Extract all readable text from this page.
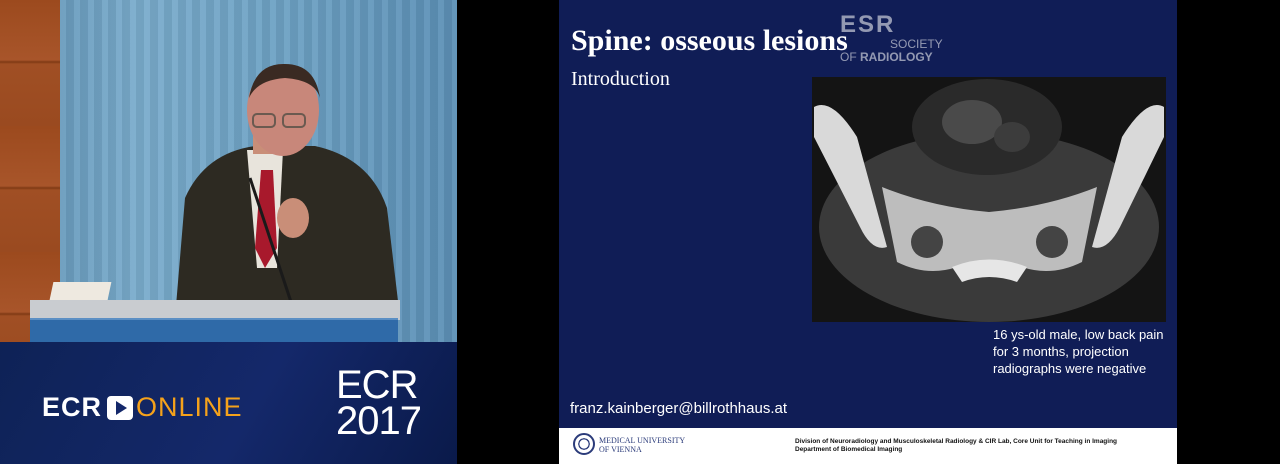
ECR ONLINE ECR
2017
Spine: osseous lesions
Introduction
ESR
SOCIETY
OF RADIOLOGY
16 ys-old male, low back pain for 3 months, projection radiographs were negative
franz.kainberger@billrothhaus.at
MEDICAL UNIVERSITY
OF VIENNA
Division of Neuroradiology and Musculoskeletal Radiology & CIR Lab, Core Unit for Teaching in Imaging
Department of Biomedical Imaging
